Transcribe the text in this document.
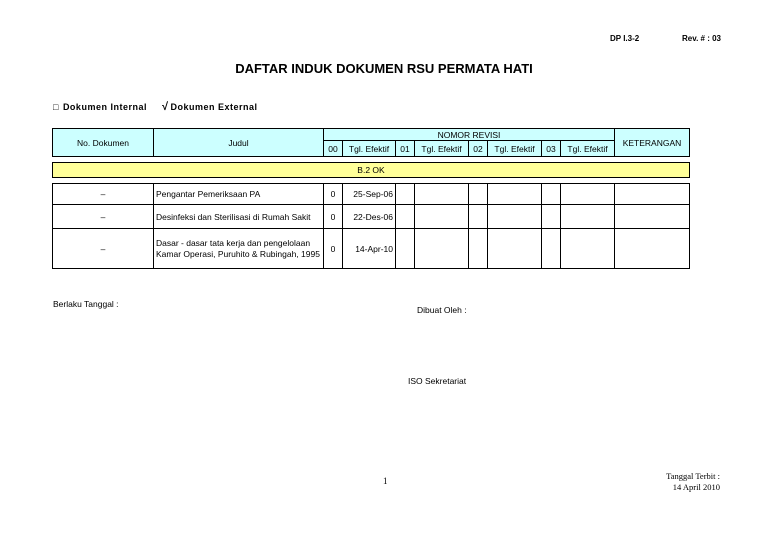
DP I.3-2	Rev. # : 03
DAFTAR INDUK DOKUMEN RSU PERMATA HATI
□ Dokumen Internal √ Dokumen External
No. Dokumen	Judul	NOMOR REVISI								KETERANGAN
		00	Tgl. Efektif	01	Tgl. Efektif	02	Tgl. Efektif	03	Tgl. Efektif	

B.2 OK										

–	Pengantar Pemeriksaan PA	0	25-Sep-06							
–	Desinfeksi dan Sterilisasi di Rumah Sakit	0	22-Des-06							
–	Dasar - dasar tata kerja dan pengelolaan Kamar Operasi, Puruhito & Rubingah, 1995	0	14-Apr-10							
Berlaku Tanggal :
Dibuat Oleh :
ISO Sekretariat
1	Tanggal Terbit :
14 April 2010
